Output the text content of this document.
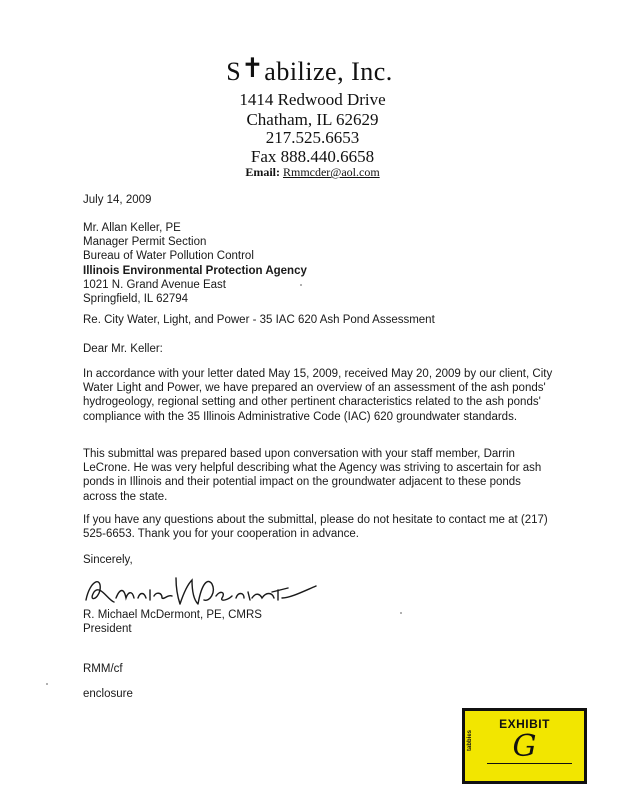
S✝abilize, Inc.
1414 Redwood Drive
Chatham, IL 62629
217.525.6653
Fax 888.440.6658
Email: Rmmcder@aol.com
July 14, 2009
Mr. Allan Keller, PE
Manager Permit Section
Bureau of Water Pollution Control
Illinois Environmental Protection Agency
1021 N. Grand Avenue East
Springfield, IL 62794
Re. City Water, Light, and Power - 35 IAC 620 Ash Pond Assessment
Dear Mr. Keller:
In accordance with your letter dated May 15, 2009, received May 20, 2009 by our client, City Water Light and Power, we have prepared an overview of an assessment of the ash ponds' hydrogeology, regional setting and other pertinent characteristics related to the ash ponds' compliance with the 35 Illinois Administrative Code (IAC) 620 groundwater standards.
This submittal was prepared based upon conversation with your staff member, Darrin LeCrone. He was very helpful describing what the Agency was striving to ascertain for ash ponds in Illinois and their potential impact on the groundwater adjacent to these ponds across the state.
If you have any questions about the submittal, please do not hesitate to contact me at (217) 525-6653. Thank you for your cooperation in advance.
Sincerely,
R. Michael McDermont, PE, CMRS
President
RMM/cf
enclosure
EXHIBIT
tabbies	G
